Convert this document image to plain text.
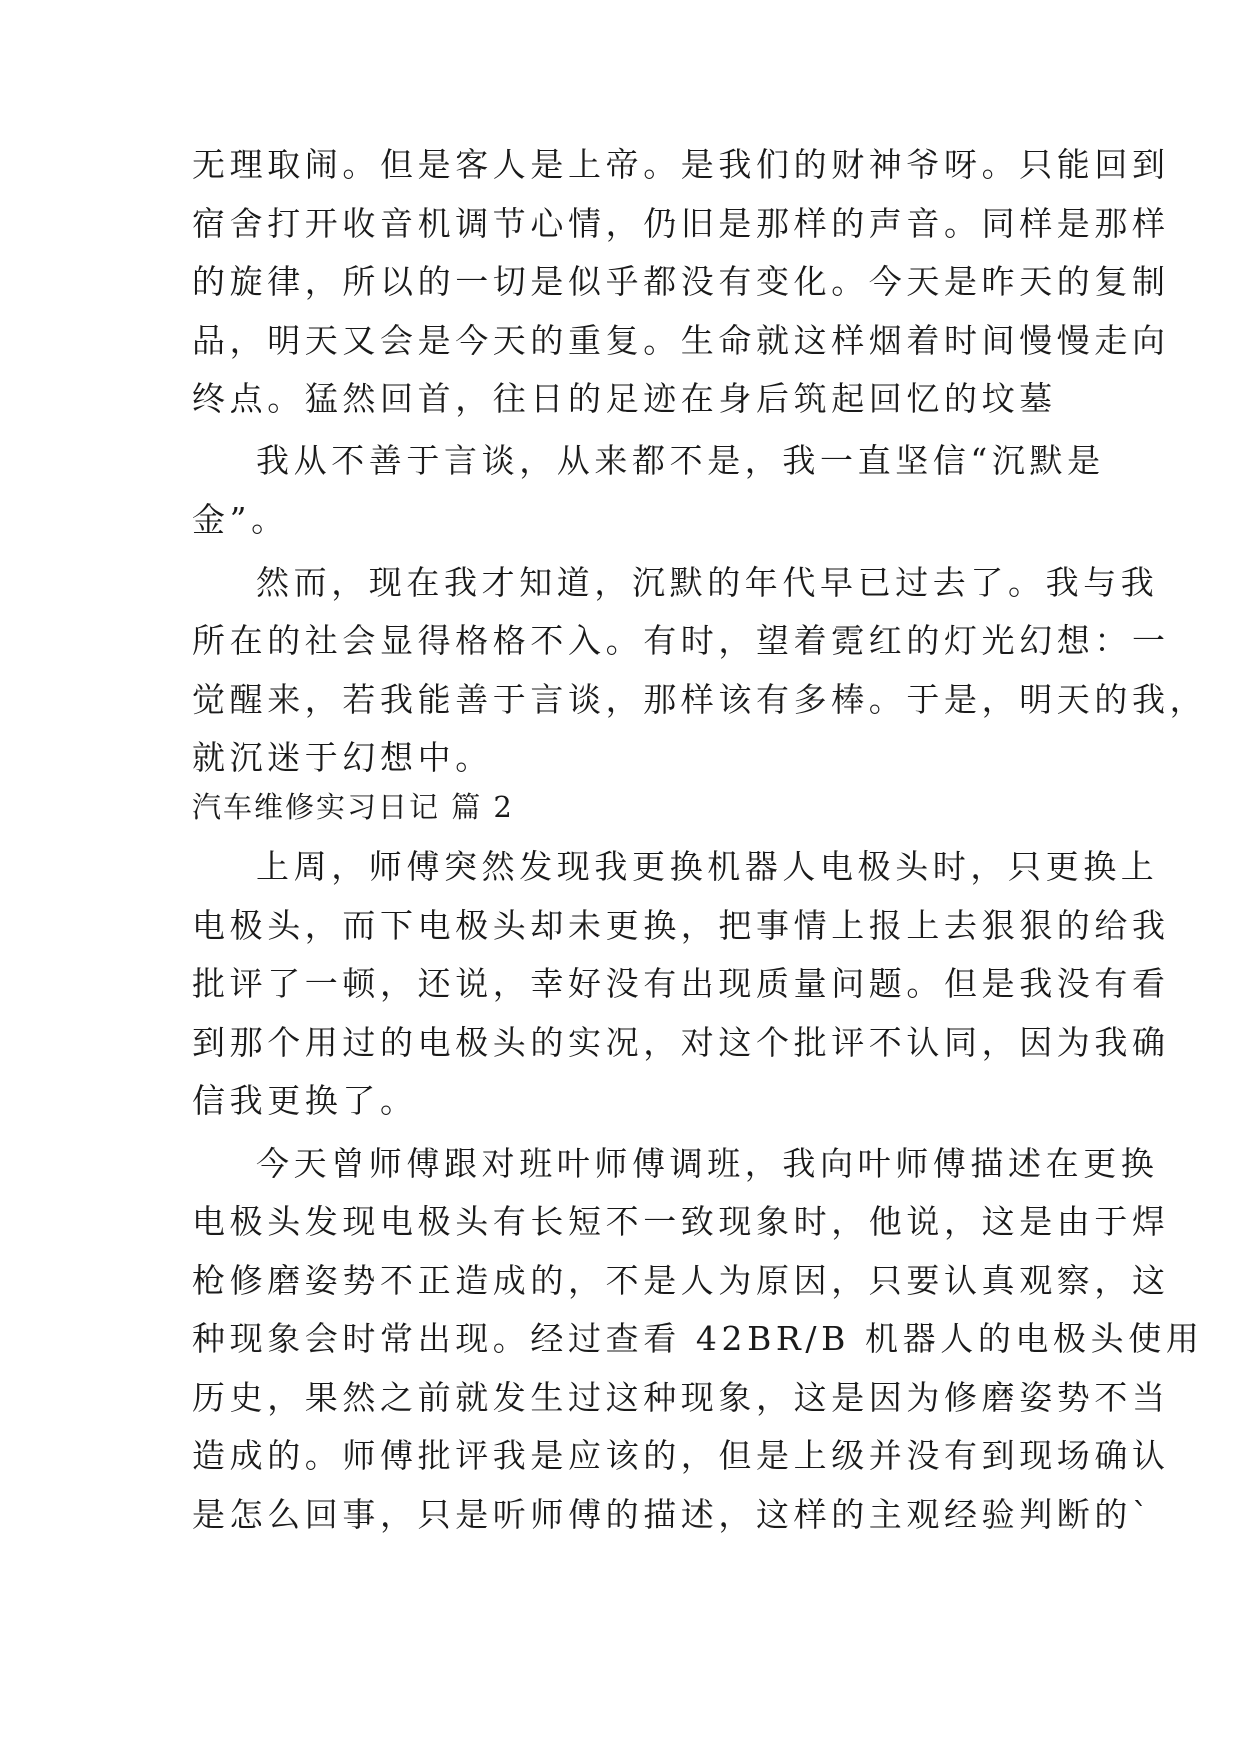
无理取闹。但是客人是上帝。是我们的财神爷呀。只能回到
宿舍打开收音机调节心情，仍旧是那样的声音。同样是那样
的旋律，所以的一切是似乎都没有变化。今天是昨天的复制
品，明天又会是今天的重复。生命就这样烟着时间慢慢走向
终点。猛然回首，往日的足迹在身后筑起回忆的坟墓
我从不善于言谈，从来都不是，我一直坚信“沉默是
金”。
然而，现在我才知道，沉默的年代早已过去了。我与我
所在的社会显得格格不入。有时，望着霓红的灯光幻想：一
觉醒来，若我能善于言谈，那样该有多棒。于是，明天的我，
就沉迷于幻想中。
汽车维修实习日记 篇 2
上周，师傅突然发现我更换机器人电极头时，只更换上
电极头，而下电极头却未更换，把事情上报上去狠狠的给我
批评了一顿，还说，幸好没有出现质量问题。但是我没有看
到那个用过的电极头的实况，对这个批评不认同，因为我确
信我更换了。
今天曾师傅跟对班叶师傅调班，我向叶师傅描述在更换
电极头发现电极头有长短不一致现象时，他说，这是由于焊
枪修磨姿势不正造成的，不是人为原因，只要认真观察，这
种现象会时常出现。经过查看 42BR/B 机器人的电极头使用
历史，果然之前就发生过这种现象，这是因为修磨姿势不当
造成的。师傅批评我是应该的，但是上级并没有到现场确认
是怎么回事，只是听师傅的描述，这样的主观经验判断的`
